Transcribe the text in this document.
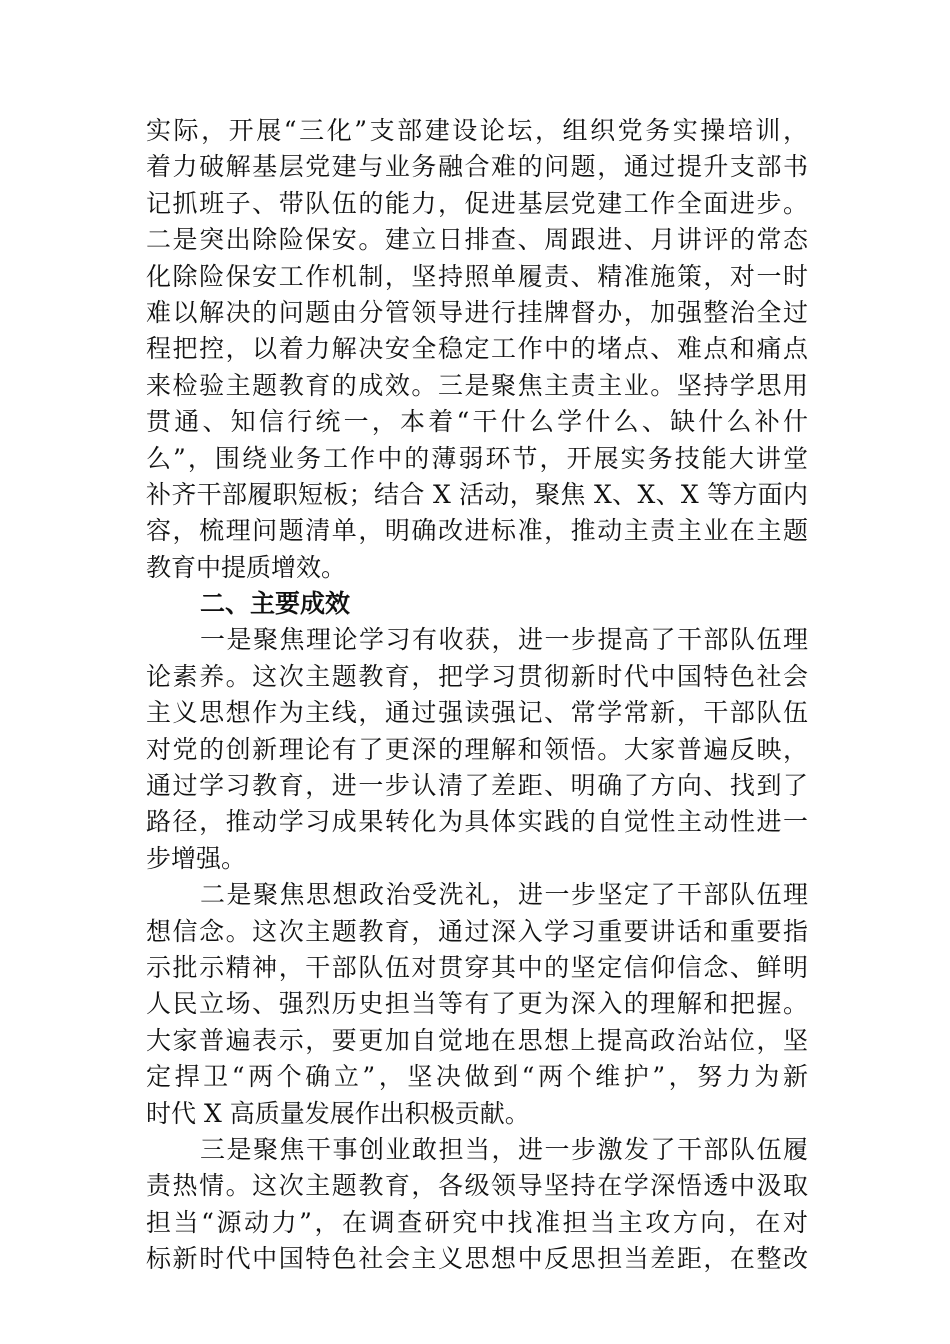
实际，开展“三化”支部建设论坛，组织党务实操培训，
着力破解基层党建与业务融合难的问题，通过提升支部书
记抓班子、带队伍的能力，促进基层党建工作全面进步。
二是突出除险保安。建立日排查、周跟进、月讲评的常态
化除险保安工作机制，坚持照单履责、精准施策，对一时
难以解决的问题由分管领导进行挂牌督办，加强整治全过
程把控，以着力解决安全稳定工作中的堵点、难点和痛点
来检验主题教育的成效。三是聚焦主责主业。坚持学思用
贯通、知信行统一，本着“干什么学什么、缺什么补什
么”，围绕业务工作中的薄弱环节，开展实务技能大讲堂
补齐干部履职短板；结合 X 活动，聚焦 X、X、X 等方面内
容，梳理问题清单，明确改进标准，推动主责主业在主题
教育中提质增效。
二、主要成效
一是聚焦理论学习有收获，进一步提高了干部队伍理
论素养。这次主题教育，把学习贯彻新时代中国特色社会
主义思想作为主线，通过强读强记、常学常新，干部队伍
对党的创新理论有了更深的理解和领悟。大家普遍反映，
通过学习教育，进一步认清了差距、明确了方向、找到了
路径，推动学习成果转化为具体实践的自觉性主动性进一
步增强。
二是聚焦思想政治受洗礼，进一步坚定了干部队伍理
想信念。这次主题教育，通过深入学习重要讲话和重要指
示批示精神，干部队伍对贯穿其中的坚定信仰信念、鲜明
人民立场、强烈历史担当等有了更为深入的理解和把握。
大家普遍表示，要更加自觉地在思想上提高政治站位，坚
定捍卫“两个确立”，坚决做到“两个维护”，努力为新
时代 X 高质量发展作出积极贡献。
三是聚焦干事创业敢担当，进一步激发了干部队伍履
责热情。这次主题教育，各级领导坚持在学深悟透中汲取
担当“源动力”，在调查研究中找准担当主攻方向，在对
标新时代中国特色社会主义思想中反思担当差距，在整改
